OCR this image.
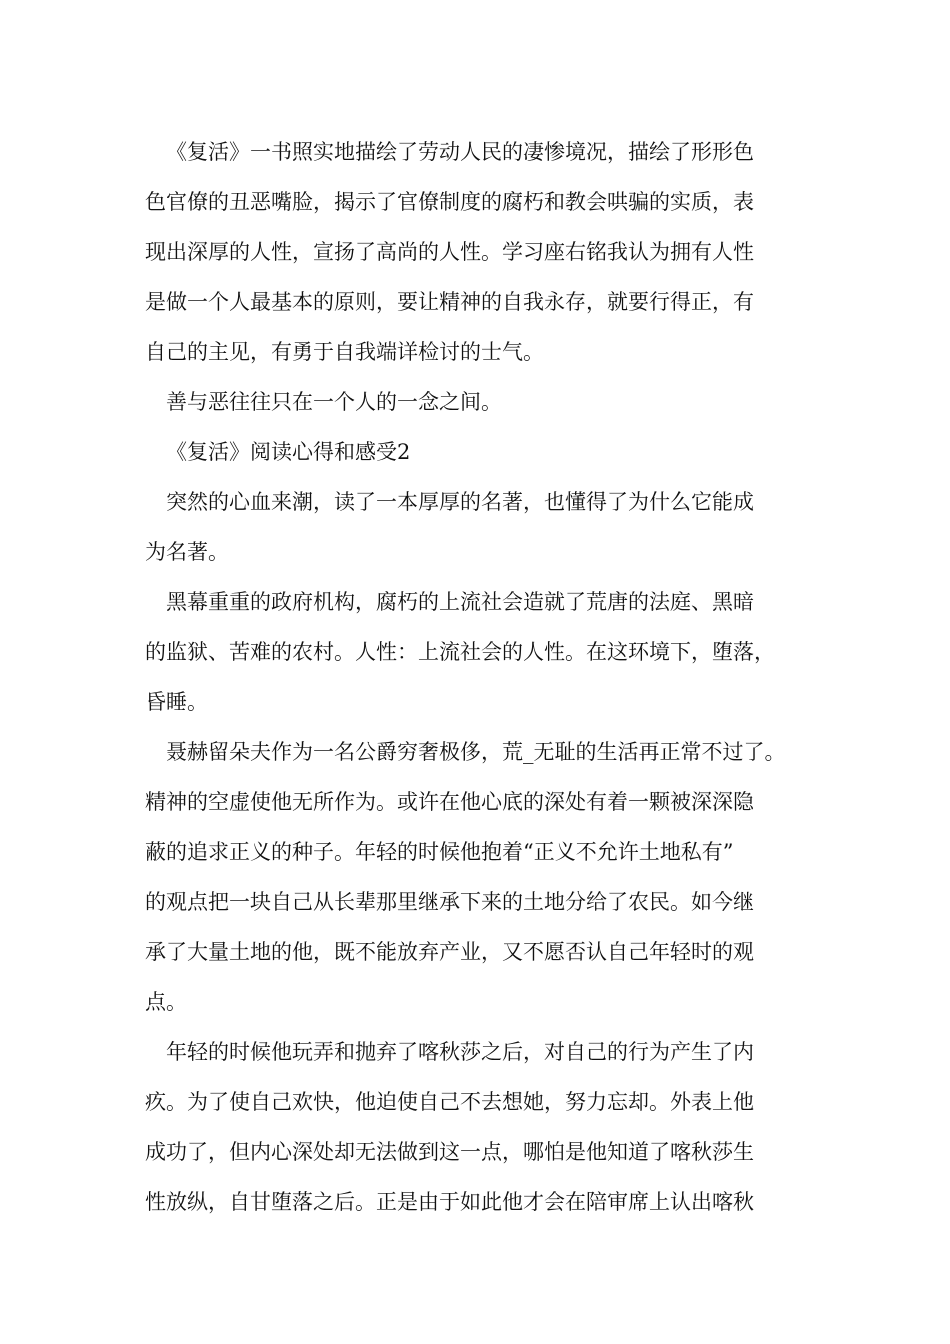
《复活》一书照实地描绘了劳动人民的凄惨境况，描绘了形形色
色官僚的丑恶嘴脸，揭示了官僚制度的腐朽和教会哄骗的实质，表
现出深厚的人性，宣扬了高尚的人性。学习座右铭我认为拥有人性
是做一个人最基本的原则，要让精神的自我永存，就要行得正，有
自己的主见，有勇于自我端详检讨的士气。

善与恶往往只在一个人的一念之间。

《复活》阅读心得和感受2

突然的心血来潮，读了一本厚厚的名著，也懂得了为什么它能成
为名著。

黑幕重重的政府机构，腐朽的上流社会造就了荒唐的法庭、黑暗
的监狱、苦难的农村。人性：上流社会的人性。在这环境下，堕落，
昏睡。

聂赫留朵夫作为一名公爵穷奢极侈，荒_无耻的生活再正常不过了。
精神的空虚使他无所作为。或许在他心底的深处有着一颗被深深隐
蔽的追求正义的种子。年轻的时候他抱着“正义不允许土地私有”
的观点把一块自己从长辈那里继承下来的土地分给了农民。如今继
承了大量土地的他，既不能放弃产业，又不愿否认自己年轻时的观
点。

年轻的时候他玩弄和抛弃了喀秋莎之后，对自己的行为产生了内
疚。为了使自己欢快，他迫使自己不去想她，努力忘却。外表上他
成功了，但内心深处却无法做到这一点，哪怕是他知道了喀秋莎生
性放纵，自甘堕落之后。正是由于如此他才会在陪审席上认出喀秋
